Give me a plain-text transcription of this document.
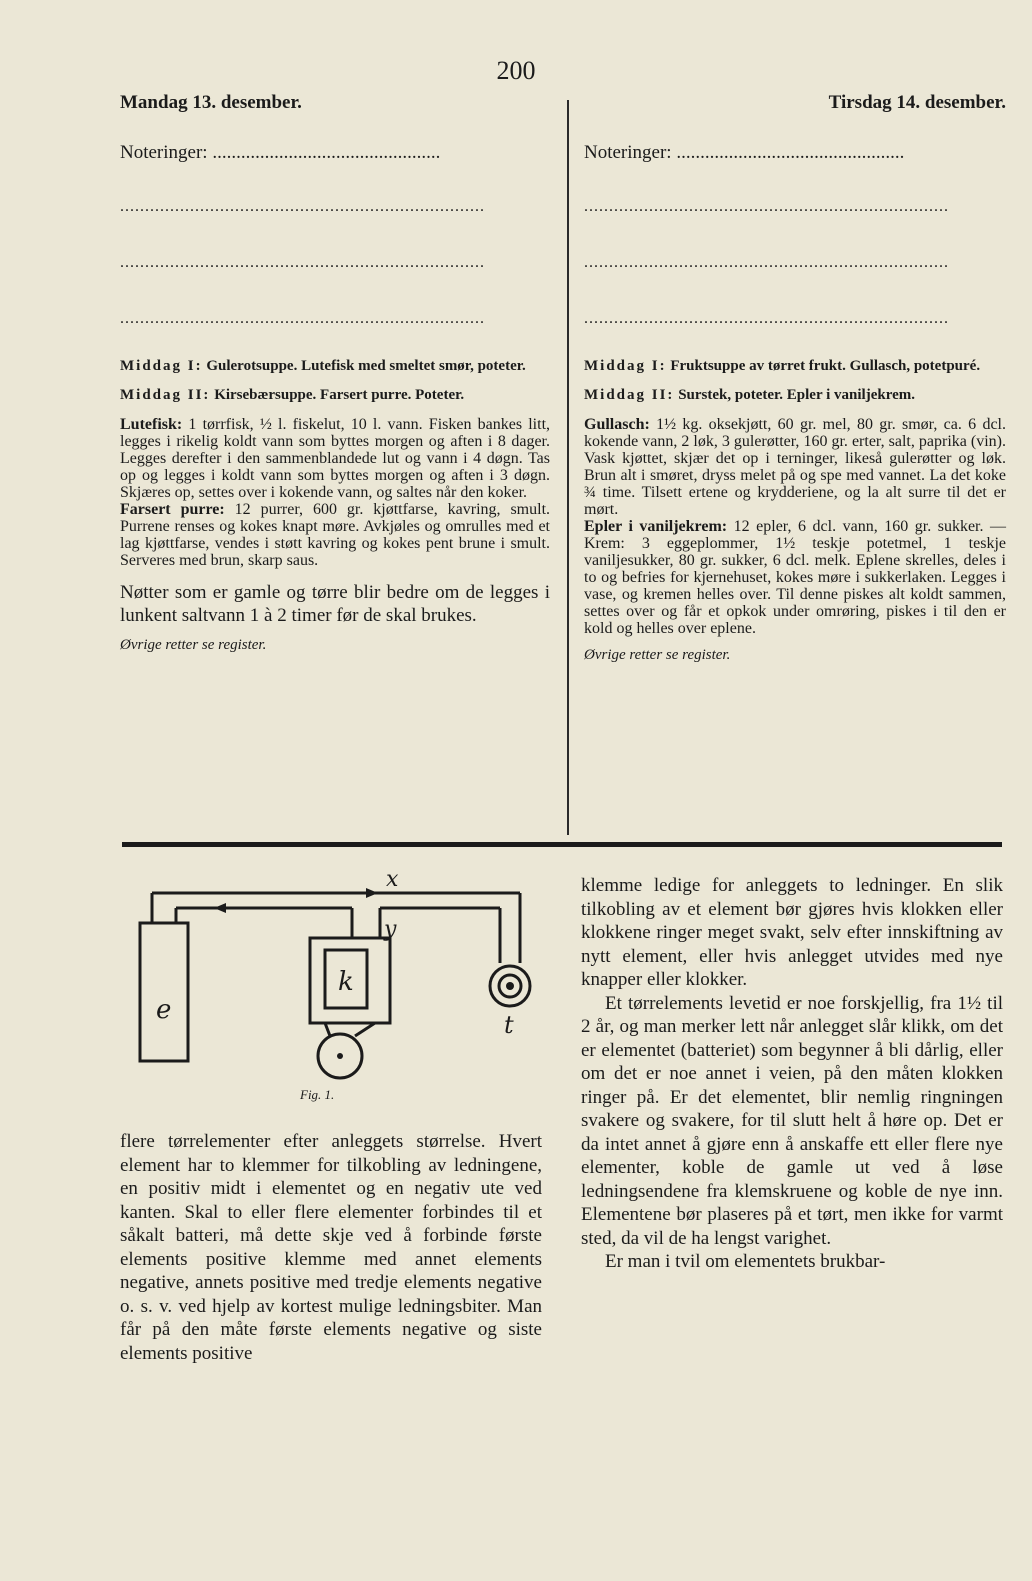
200
Mandag 13. desember.
Noteringer: ................................................
.........................................................................
.........................................................................
.........................................................................
Middag I: Gulerotsuppe. Lutefisk med smeltet smør, poteter.
Middag II: Kirsebærsuppe. Farsert purre. Poteter.

Lutefisk: 1 tørrfisk, ½ l. fiskelut, 10 l. vann. Fisken bankes litt, legges i rikelig koldt vann som byttes morgen og aften i 8 dager. Legges derefter i den sammenblandede lut og vann i 4 døgn. Tas op og legges i koldt vann som byttes morgen og aften i 3 døgn. Skjæres op, settes over i kokende vann, og saltes når den koker.

Farsert purre: 12 purrer, 600 gr. kjøttfarse, kavring, smult. Purrene renses og kokes knapt møre. Avkjøles og omrulles med et lag kjøttfarse, vendes i støtt kavring og kokes pent brune i smult. Serveres med brun, skarp saus.

Nøtter som er gamle og tørre blir bedre om de legges i lunkent saltvann 1 à 2 timer før de skal brukes.
Øvrige retter se register.
Tirsdag 14. desember.
Noteringer: ................................................
.........................................................................
.........................................................................
.........................................................................
Middag I: Fruktsuppe av tørret frukt. Gullasch, potetpuré.
Middag II: Surstek, poteter. Epler i vaniljekrem.

Gullasch: 1½ kg. oksekjøtt, 60 gr. mel, 80 gr. smør, ca. 6 dcl. kokende vann, 2 løk, 3 gulerøtter, 160 gr. erter, salt, paprika (vin). Vask kjøttet, skjær det op i terninger, likeså gulerøtter og løk. Brun alt i smøret, dryss melet på og spe med vannet. La det koke ¾ time. Tilsett ertene og krydderiene, og la alt surre til det er mørt.

Epler i vaniljekrem: 12 epler, 6 dcl. vann, 160 gr. sukker. — Krem: 3 eggeplommer, 1½ teskje potetmel, 1 teskje vaniljesukker, 80 gr. sukker, 6 dcl. melk. Eplene skrelles, deles i to og befries for kjernehuset, kokes møre i sukkerlaken. Legges i vase, og kremen helles over. Til denne piskes alt koldt sammen, settes over og får et opkok under omrøring, piskes i til den er kold og helles over eplene.

Øvrige retter se register.
e
k
x
y
t
Fig. 1.
flere tørrelementer efter anleggets størrelse. Hvert element har to klemmer for tilkobling av ledningene, en positiv midt i elementet og en negativ ute ved kanten. Skal to eller flere elementer forbindes til et såkalt batteri, må dette skje ved å forbinde første elements positive klemme med annet elements negative, annets positive med tredje elements negative o. s. v. ved hjelp av kortest mulige ledningsbiter. Man får på den måte første elements negative og siste elements positive
klemme ledige for anleggets to ledninger. En slik tilkobling av et element bør gjøres hvis klokken eller klokkene ringer meget svakt, selv efter innskiftning av nytt element, eller hvis anlegget utvides med nye knapper eller klokker.
Et tørrelements levetid er noe forskjellig, fra 1½ til 2 år, og man merker lett når anlegget slår klikk, om det er elementet (batteriet) som begynner å bli dårlig, eller om det er noe annet i veien, på den måten klokken ringer på. Er det elementet, blir nemlig ringningen svakere og svakere, for til slutt helt å høre op. Det er da intet annet å gjøre enn å anskaffe ett eller flere nye elementer, koble de gamle ut ved å løse ledningsendene fra klemskruene og koble de nye inn. Elementene bør plaseres på et tørt, men ikke for varmt sted, da vil de ha lengst varighet.
Er man i tvil om elementets brukbar-
